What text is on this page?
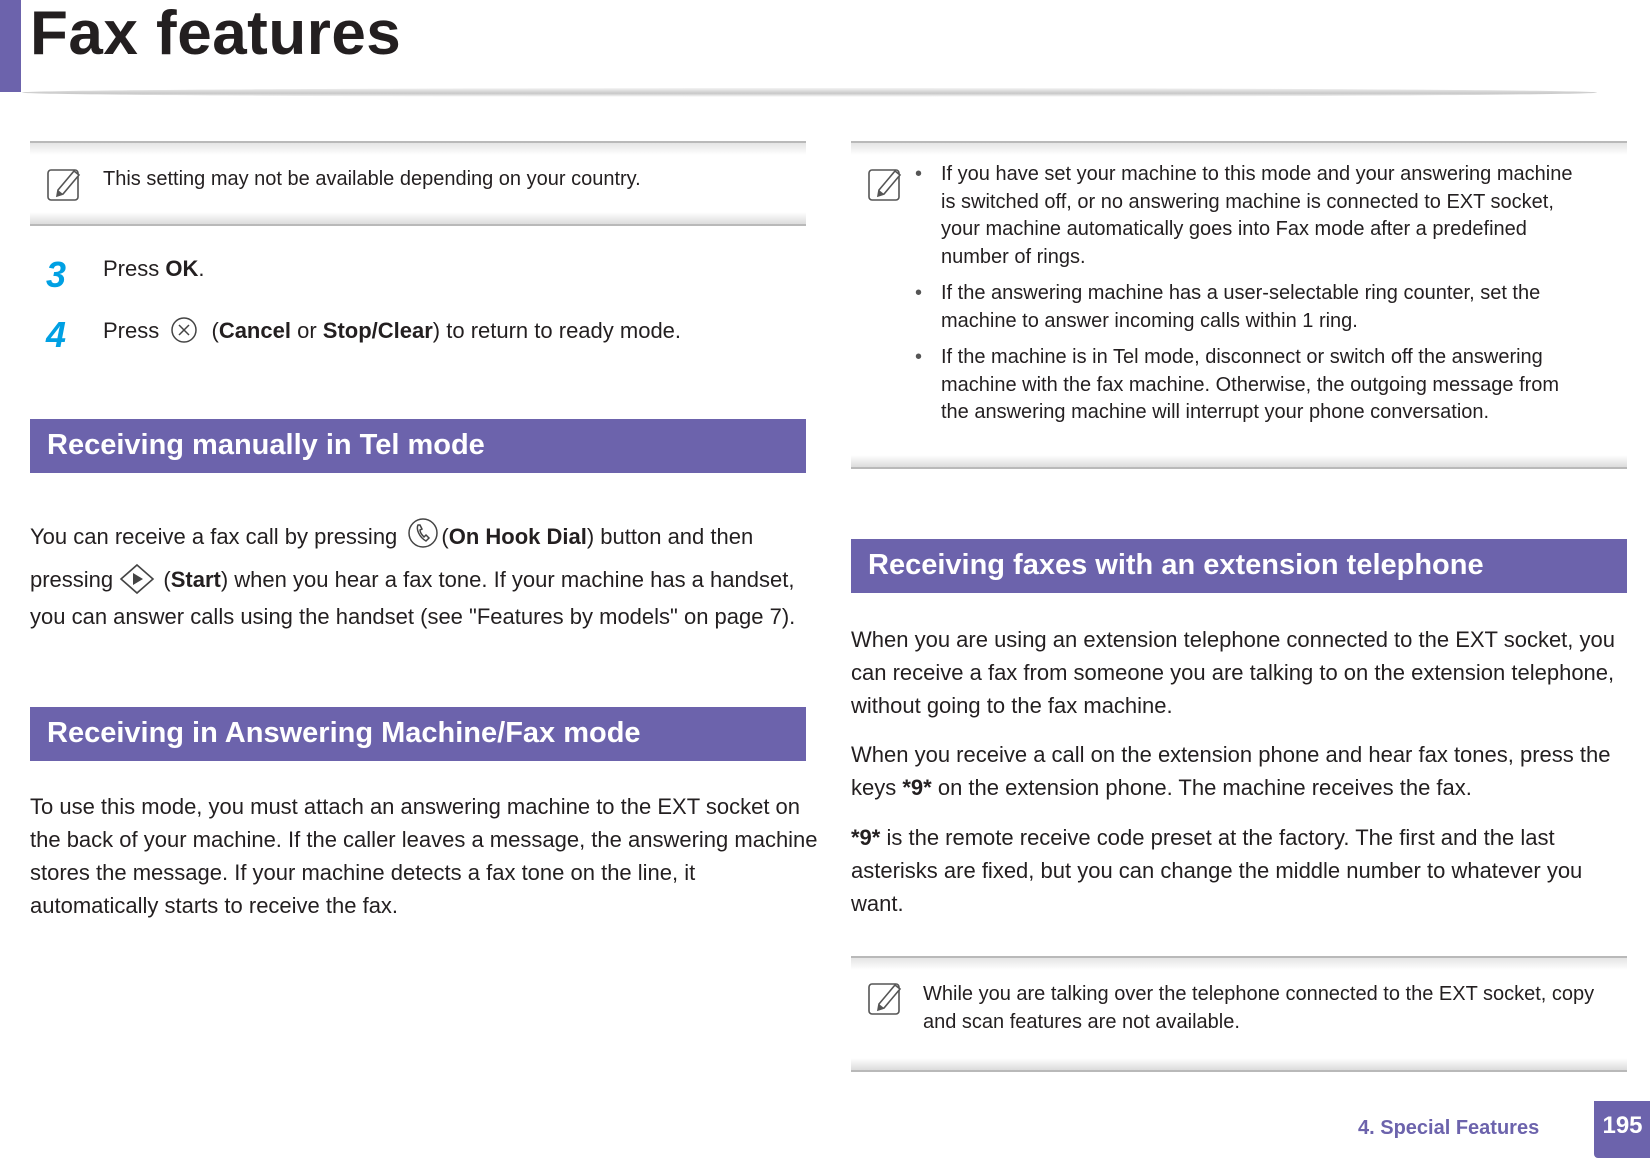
Fax features
This setting may not be available depending on your country.
3 Press OK.
4 Press  (Cancel or Stop/Clear) to return to ready mode.
Receiving manually in Tel mode
You can receive a fax call by pressing (On Hook Dial) button and then
pressing  (Start) when you hear a fax tone. If your machine has a handset,
you can answer calls using the handset (see "Features by models" on page 7).
Receiving in Answering Machine/Fax mode
To use this mode, you must attach an answering machine to the EXT socket on
the back of your machine. If the caller leaves a message, the answering machine
stores the message. If your machine detects a fax tone on the line, it
automatically starts to receive the fax.
• If you have set your machine to this mode and your answering machine
is switched off, or no answering machine is connected to EXT socket,
your machine automatically goes into Fax mode after a predefined
number of rings.
• If the answering machine has a user-selectable ring counter, set the
machine to answer incoming calls within 1 ring.
• If the machine is in Tel mode, disconnect or switch off the answering
machine with the fax machine. Otherwise, the outgoing message from
the answering machine will interrupt your phone conversation.
Receiving faxes with an extension telephone
When you are using an extension telephone connected to the EXT socket, you
can receive a fax from someone you are talking to on the extension telephone,
without going to the fax machine.
When you receive a call on the extension phone and hear fax tones, press the
keys *9* on the extension phone. The machine receives the fax.
*9* is the remote receive code preset at the factory. The first and the last
asterisks are fixed, but you can change the middle number to whatever you
want.
While you are talking over the telephone connected to the EXT socket, copy
and scan features are not available.
4. Special Features	195
